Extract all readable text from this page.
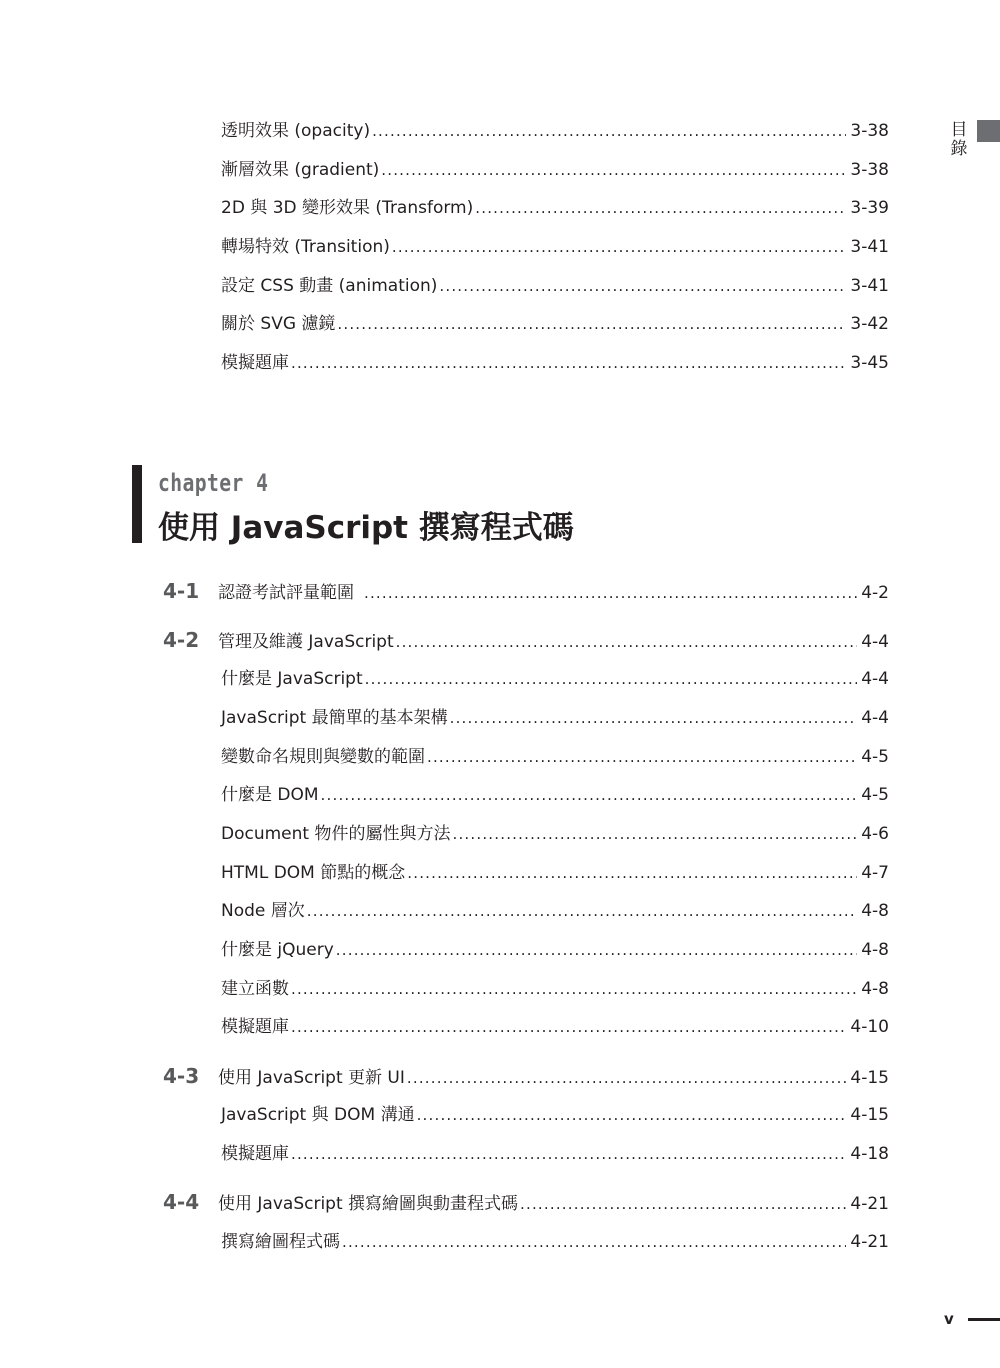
目
錄
透明效果 (opacity) .....	3-38
漸層效果 (gradient) .....	3-38
2D 與 3D 變形效果 (Transform) .....	3-39
轉場特效 (Transition) .....	3-41
設定 CSS 動畫 (animation) .....	3-41
關於 SVG 濾鏡 .....	3-42
模擬題庫 .....	3-45
chapter 4
使用 JavaScript 撰寫程式碼
4-1	認證考試評量範圍 .....	4-2
4-2	管理及維護 JavaScript .....	4-4
什麼是 JavaScript .....	4-4
JavaScript 最簡單的基本架構 .....	4-4
變數命名規則與變數的範圍 .....	4-5
什麼是 DOM .....	4-5
Document 物件的屬性與方法 .....	4-6
HTML DOM 節點的概念 .....	4-7
Node 層次 .....	4-8
什麼是 jQuery .....	4-8
建立函數 .....	4-8
模擬題庫 .....	4-10
4-3	使用 JavaScript 更新 UI .....	4-15
JavaScript 與 DOM 溝通 .....	4-15
模擬題庫 .....	4-18
4-4	使用 JavaScript 撰寫繪圖與動畫程式碼 .....	4-21
撰寫繪圖程式碼 .....	4-21
v
